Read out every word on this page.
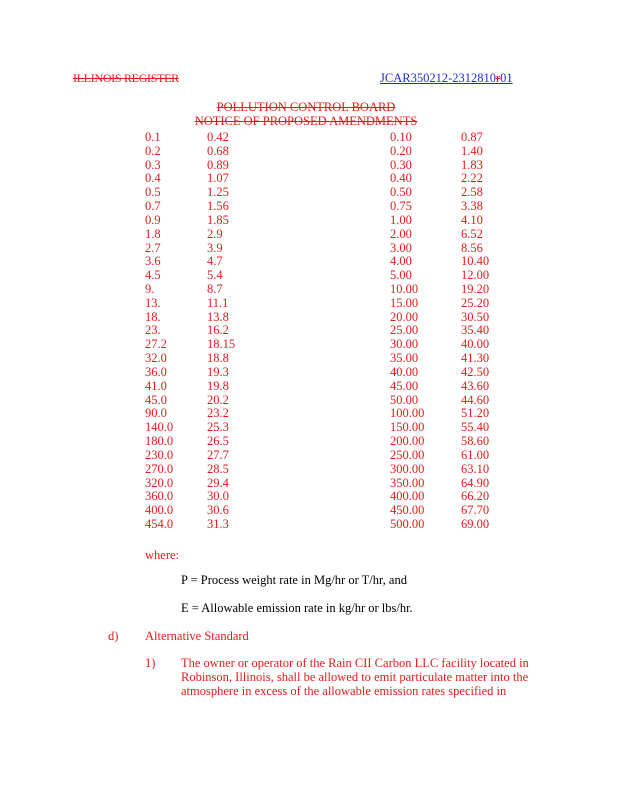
ILLINOIS REGISTER	JCAR350212-2312810r01
POLLUTION CONTROL BOARD
NOTICE OF PROPOSED AMENDMENTS
0.1	0.42	0.10	0.87
0.2	0.68	0.20	1.40
0.3	0.89	0.30	1.83
0.4	1.07	0.40	2.22
0.5	1.25	0.50	2.58
0.7	1.56	0.75	3.38
0.9	1.85	1.00	4.10
1.8	2.9	2.00	6.52
2.7	3.9	3.00	8.56
3.6	4.7	4.00	10.40
4.5	5.4	5.00	12.00
9.	8.7	10.00	19.20
13.	11.1	15.00	25.20
18.	13.8	20.00	30.50
23.	16.2	25.00	35.40
27.2	18.15	30.00	40.00
32.0	18.8	35.00	41.30
36.0	19.3	40.00	42.50
41.0	19.8	45.00	43.60
45.0	20.2	50.00	44.60
90.0	23.2	100.00	51.20
140.0	25.3	150.00	55.40
180.0	26.5	200.00	58.60
230.0	27.7	250.00	61.00
270.0	28.5	300.00	63.10
320.0	29.4	350.00	64.90
360.0	30.0	400.00	66.20
400.0	30.6	450.00	67.70
454.0	31.3	500.00	69.00
where:
P = Process weight rate in Mg/hr or T/hr, and
E = Allowable emission rate in kg/hr or lbs/hr.
d) Alternative Standard
1) The owner or operator of the Rain CII Carbon LLC facility located in Robinson, Illinois, shall be allowed to emit particulate matter into the atmosphere in excess of the allowable emission rates specified in
